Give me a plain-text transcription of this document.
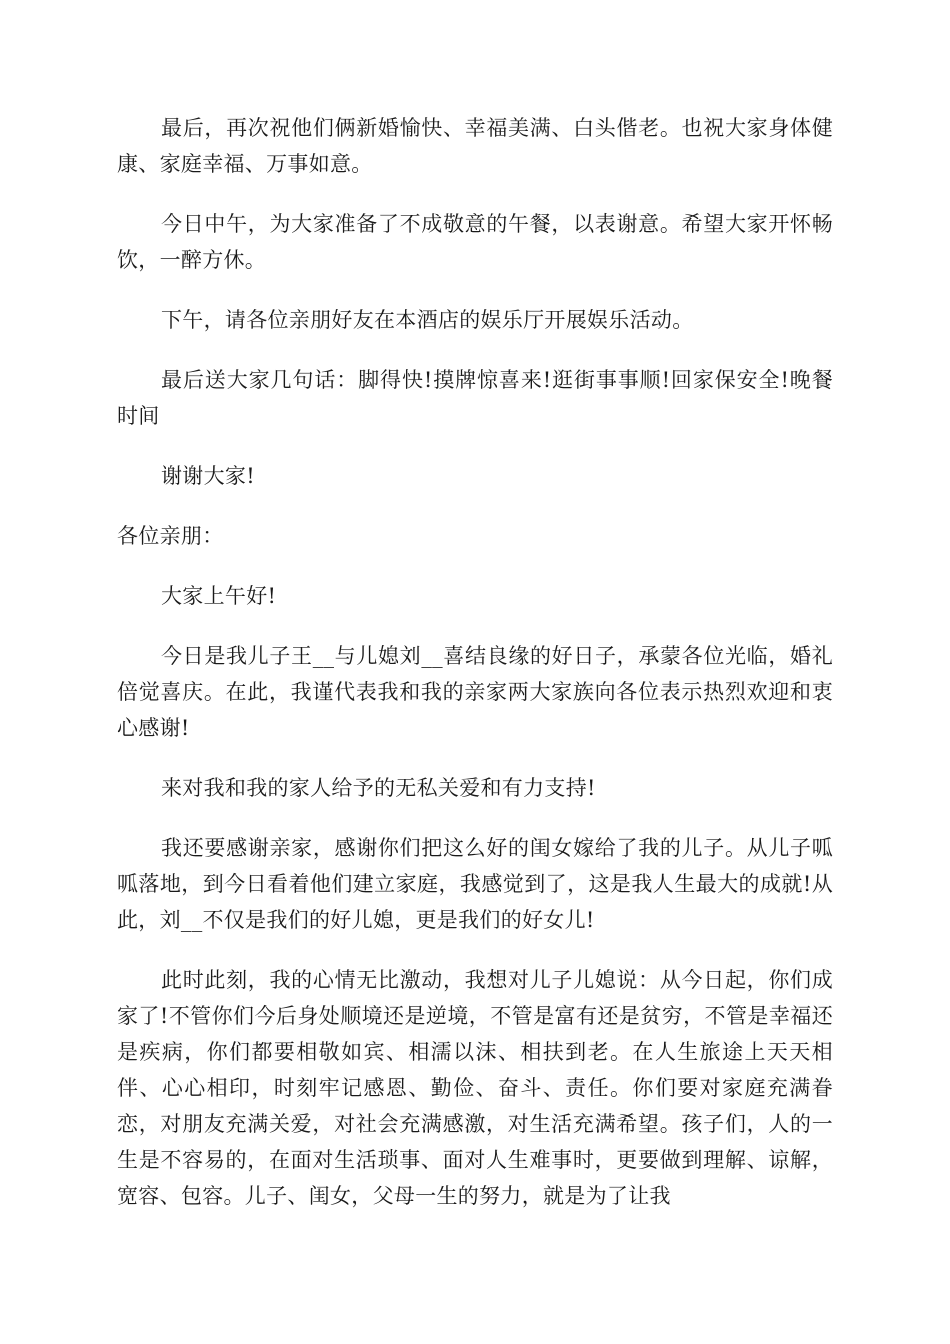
最后，再次祝他们俩新婚愉快、幸福美满、白头偕老。也祝大家身体健康、家庭幸福、万事如意。

今日中午，为大家准备了不成敬意的午餐，以表谢意。希望大家开怀畅饮，一醉方休。

下午，请各位亲朋好友在本酒店的娱乐厅开展娱乐活动。

最后送大家几句话：脚得快!摸牌惊喜来!逛街事事顺!回家保安全!晚餐时间

谢谢大家!

各位亲朋：

大家上午好!

今日是我儿子王__与儿媳刘__喜结良缘的好日子，承蒙各位光临，婚礼倍觉喜庆。在此，我谨代表我和我的亲家两大家族向各位表示热烈欢迎和衷心感谢!

来对我和我的家人给予的无私关爱和有力支持!

我还要感谢亲家，感谢你们把这么好的闺女嫁给了我的儿子。从儿子呱呱落地，到今日看着他们建立家庭，我感觉到了，这是我人生最大的成就!从此，刘__不仅是我们的好儿媳，更是我们的好女儿!

此时此刻，我的心情无比激动，我想对儿子儿媳说：从今日起，你们成家了!不管你们今后身处顺境还是逆境，不管是富有还是贫穷，不管是幸福还是疾病，你们都要相敬如宾、相濡以沫、相扶到老。在人生旅途上天天相伴、心心相印，时刻牢记感恩、勤俭、奋斗、责任。你们要对家庭充满眷恋，对朋友充满关爱，对社会充满感激，对生活充满希望。孩子们，人的一生是不容易的，在面对生活琐事、面对人生难事时，更要做到理解、谅解，宽容、包容。儿子、闺女，父母一生的努力，就是为了让我
